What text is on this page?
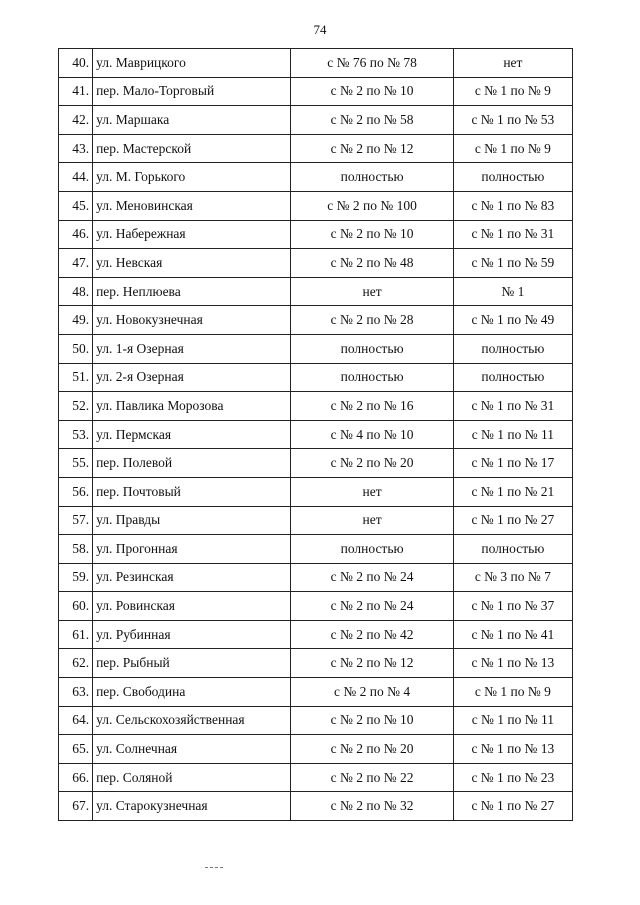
74
40.	ул. Маврицкого	с № 76 по № 78	нет
41.	пер. Мало-Торговый	с № 2 по № 10	с № 1 по № 9
42.	ул. Маршака	с № 2 по № 58	с № 1 по № 53
43.	пер. Мастерской	с № 2 по № 12	с № 1 по № 9
44.	ул. М. Горького	полностью	полностью
45.	ул. Меновинская	с № 2 по № 100	с № 1 по № 83
46.	ул. Набережная	с № 2 по № 10	с № 1 по № 31
47.	ул. Невская	с № 2 по № 48	с № 1 по № 59
48.	пер. Неплюева	нет	№ 1
49.	ул. Новокузнечная	с № 2 по № 28	с № 1 по № 49
50.	ул. 1-я Озерная	полностью	полностью
51.	ул. 2-я Озерная	полностью	полностью
52.	ул. Павлика Морозова	с № 2 по № 16	с № 1 по № 31
53.	ул. Пермская	с № 4 по № 10	с № 1 по № 11
55.	пер. Полевой	с № 2 по № 20	с № 1 по № 17
56.	пер. Почтовый	нет	с № 1 по № 21
57.	ул. Правды	нет	с № 1 по № 27
58.	ул. Прогонная	полностью	полностью
59.	ул. Резинская	с № 2 по № 24	с № 3 по № 7
60.	ул. Ровинская	с № 2 по № 24	с № 1 по № 37
61.	ул. Рубинная	с № 2 по № 42	с № 1 по № 41
62.	пер. Рыбный	с № 2 по № 12	с № 1 по № 13
63.	пер. Свободина	с № 2 по № 4	с № 1 по № 9
64.	ул. Сельскохозяйственная	с № 2 по № 10	с № 1 по № 11
65.	ул. Солнечная	с № 2 по № 20	с № 1 по № 13
66.	пер. Соляной	с № 2 по № 22	с № 1 по № 23
67.	ул. Старокузнечная	с № 2 по № 32	с № 1 по № 27
